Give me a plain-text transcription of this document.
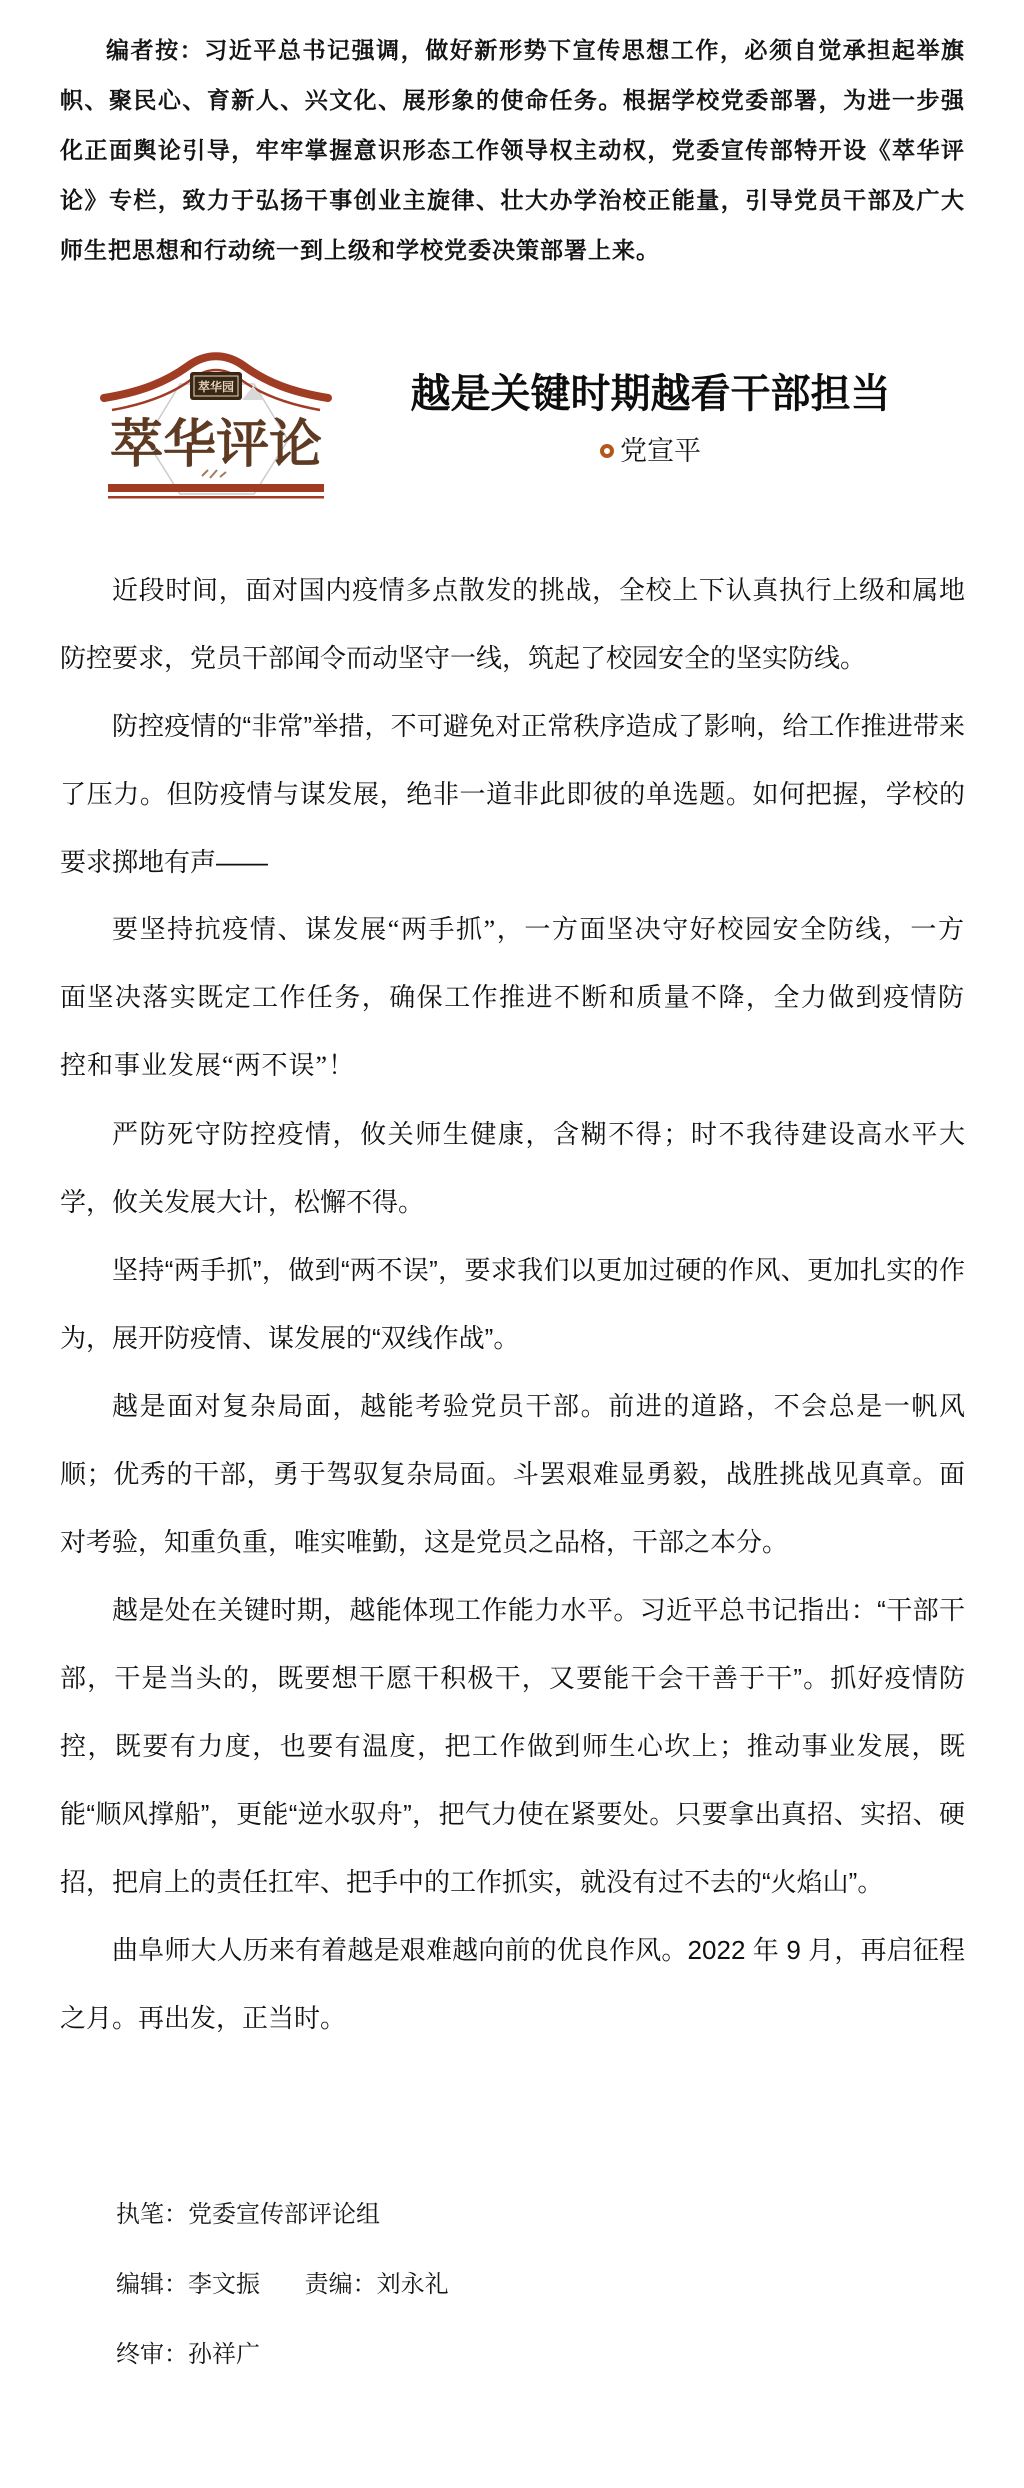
编者按：习近平总书记强调，做好新形势下宣传思想工作，必须自觉承担起举旗帜、聚民心、育新人、兴文化、展形象的使命任务。根据学校党委部署，为进一步强化正面舆论引导，牢牢掌握意识形态工作领导权主动权，党委宣传部特开设《萃华评论》专栏，致力于弘扬干事创业主旋律、壮大办学治校正能量，引导党员干部及广大师生把思想和行动统一到上级和学校党委决策部署上来。
萃华园
萃华评论
越是关键时期越看干部担当
党宣平

近段时间，面对国内疫情多点散发的挑战，全校上下认真执行上级和属地防控要求，党员干部闻令而动坚守一线，筑起了校园安全的坚实防线。

防控疫情的“非常”举措，不可避免对正常秩序造成了影响，给工作推进带来了压力。但防疫情与谋发展，绝非一道非此即彼的单选题。如何把握，学校的要求掷地有声——

要坚持抗疫情、谋发展“两手抓”，一方面坚决守好校园安全防线，一方面坚决落实既定工作任务，确保工作推进不断和质量不降，全力做到疫情防控和事业发展“两不误”！

严防死守防控疫情，攸关师生健康，含糊不得；时不我待建设高水平大学，攸关发展大计，松懈不得。

坚持“两手抓”，做到“两不误”，要求我们以更加过硬的作风、更加扎实的作为，展开防疫情、谋发展的“双线作战”。

越是面对复杂局面，越能考验党员干部。前进的道路，不会总是一帆风顺；优秀的干部，勇于驾驭复杂局面。斗罢艰难显勇毅，战胜挑战见真章。面对考验，知重负重，唯实唯勤，这是党员之品格，干部之本分。

越是处在关键时期，越能体现工作能力水平。习近平总书记指出：“干部干部，干是当头的，既要想干愿干积极干，又要能干会干善于干”。抓好疫情防控，既要有力度，也要有温度，把工作做到师生心坎上；推动事业发展，既能“顺风撑船”，更能“逆水驭舟”，把气力使在紧要处。只要拿出真招、实招、硬招，把肩上的责任扛牢、把手中的工作抓实，就没有过不去的“火焰山”。

曲阜师大人历来有着越是艰难越向前的优良作风。2022 年 9 月，再启征程之月。再出发，正当时。

执笔：党委宣传部评论组

编辑：李文振 责编：刘永礼

终审：孙祥广
